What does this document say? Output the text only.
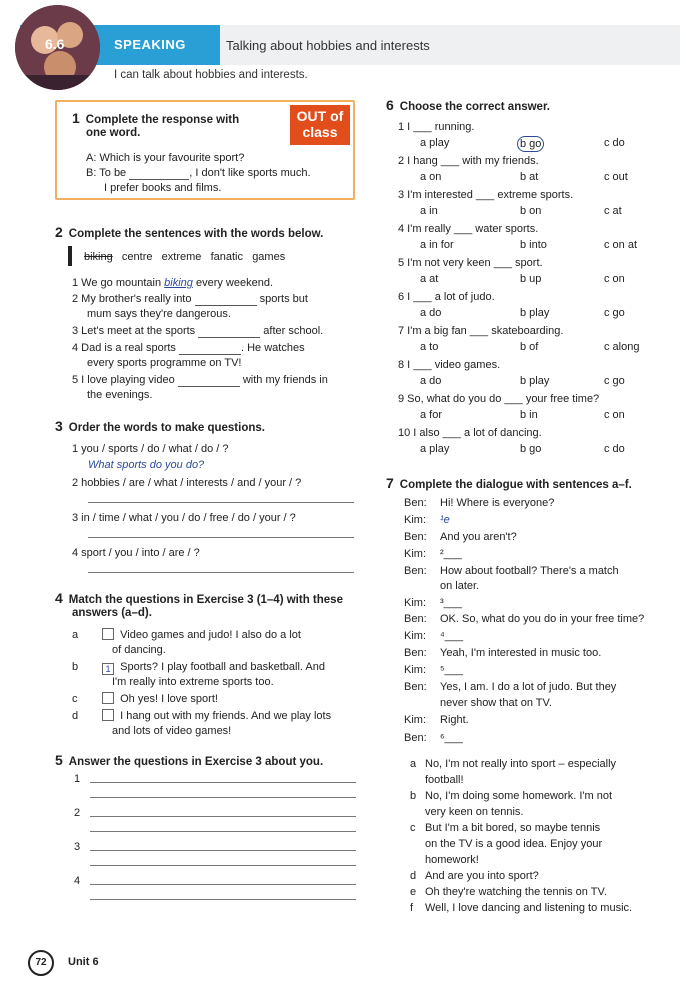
6.6	SPEAKING	Talking about hobbies and interests
I can talk about hobbies and interests.
1 Complete the response with
one word.
OUT of
class
A: Which is your favourite sport?
B: To be	, I don't like sports much.
I prefer books and films.
2 Complete the sentences with the words below.
biking centre extreme fanatic games
1 We go mountain biking every weekend.
2 My brother's really into	sports but
mum says they're dangerous.
3 Let's meet at the sports	after school.
4 Dad is a real sports	. He watches
every sports programme on TV!
5 I love playing video	with my friends in
the evenings.
3 Order the words to make questions.
1 you / sports / do / what / do / ?
What sports do you do?
2 hobbies / are / what / interests / and / your / ?
3 in / time / what / you / do / free / do / your / ?
4 sport / you / into / are / ?
4 Match the questions in Exercise 3 (1–4) with these
answers (a–d).
a	Video games and judo! I also do a lot
of dancing.
b	1 Sports? I play football and basketball. And
I'm really into extreme sports too.
c	Oh yes! I love sport!
d	I hang out with my friends. And we play lots
and lots of video games!
5 Answer the questions in Exercise 3 about you.
1
2
3
4
6 Choose the correct answer.
1 I ___ running.
a play	b go	c do
2 I hang ___ with my friends.
a on	b at	c out
3 I'm interested ___ extreme sports.
a in	b on	c at
4 I'm really ___ water sports.
a in for	b into	c on at
5 I'm not very keen ___ sport.
a at	b up	c on
6 I ___ a lot of judo.
a do	b play	c go
7 I'm a big fan ___ skateboarding.
a to	b of	c along
8 I ___ video games.
a do	b play	c go
9 So, what do you do ___ your free time?
a for	b in	c on
10 I also ___ a lot of dancing.
a play	b go	c do
7 Complete the dialogue with sentences a–f.
Ben: Hi! Where is everyone?
Kim: ¹e
Ben: And you aren't?
Kim: ²___
Ben: How about football? There's a match
on later.
Kim: ³___
Ben: OK. So, what do you do in your free time?
Kim: ⁴___
Ben: Yeah, I'm interested in music too.
Kim: ⁵___
Ben: Yes, I am. I do a lot of judo. But they
never show that on TV.
Kim: Right.
Ben: ⁶___
a No, I'm not really into sport – especially
football!
b No, I'm doing some homework. I'm not
very keen on tennis.
c But I'm a bit bored, so maybe tennis
on the TV is a good idea. Enjoy your
homework!
d And are you into sport?
e Oh they're watching the tennis on TV.
f Well, I love dancing and listening to music.
72	Unit 6
